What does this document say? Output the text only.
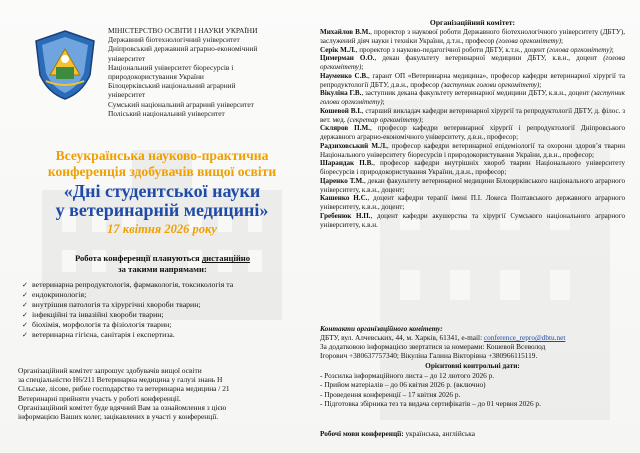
МІНІСТЕРСТВО ОСВІТИ І НАУКИ УКРАЇНИ
Державний біотехнологічний університет
Дніпровський державний аграрно-економічний
університет
Національний університет біоресурсів і
природокористування України
Білоцерківський національний аграрний
університет
Сумський національний аграрний університет
Поліський національний університет
Всеукраїнська науково-практична
конференція здобувачів вищої освіти
«Дні студентської науки
у ветеринарній медицині»
17 квітня 2026 року
Робота конференції плануються дистанційно
за такими напрямами:
✓ ветеринарна репродуктологія, фармакологія, токсикологія та
✓ ендокринологія;
✓ внутрішня патологія та хірургічні хвороби тварин;
✓ інфекційні та інвазійні хвороби тварин;
✓ біохімія, морфологія та фізіологія тварин;
✓ ветеринарна гігієна, санітарія і експертиза.
Організаційний комітет запрошує здобувачів вищої освіти
за спеціальністю Н6/211 Ветеринарна медицина у галузі знань Н
Сільське, лісове, рибне господарство та ветеринарна медицина / 21
Ветеринарні прийняти участь у роботі конференції.
Організаційний комітет буде вдячний Вам за ознайомлення з цією
інформацією Ваших колег, зацікавлених в участі у конференції.
Організаційний комітет:
Михайлов В.М., проректор з наукової роботи Державного біотехнологічного університету (ДБТУ), заслужений діяч науки і техніки України, д.т.н., професор (голова оргкомітету);
Серік М.Л., проректор з науково-педагогічної роботи ДБТУ, к.т.н., доцент (голова оргкомітету);
Цимерман О.О., декан факультету ветеринарної медицини ДБТУ, к.в.н., доцент (голова оргкомітету);
Науменко С.В., гарант ОП «Ветеринарна медицина», професор кафедри ветеринарної хірургії та репродуктології ДБТУ, д.в.н., професор (заступник голови оргкомітету);
Вікуліна Г.В., заступник декана факультету ветеринарної медицини ДБТУ, к.в.н., доцент (заступник голови оргкомітету);
Кошевой В.І., старший викладач кафедри ветеринарної хірургії та репродуктології ДБТУ, д. філос. з вет. мед. (секретар оргкомітету);
Скляров П.М., професор кафедри ветеринарної хірургії і репродуктології Дніпровського державного аграрно-економічного університету, д.в.н., професор;
Радзиховський М.Л., професор кафедри ветеринарної епідеміології та охорони здоров’я тварин Національного університету біоресурсів і природокористування України, д.в.н., професор;
Шарандак П.В., професор кафедри внутрішніх хвороб тварин Національного університету біоресурсів і природокористування України, д.в.н., професор;
Царенко Т.М., декан факультету ветеринарної медицини Білоцерківського національного аграрного університету, к.в.н., доцент;
Кашенко Н.С., доцент кафедри терапії імені П.І. Локеса Полтавського державного аграрного університету, к.в.н., доцент;
Гребенюк Н.П., доцент кафедри акушерства та хірургії Сумського національного аграрного університету, к.в.н.
Контакти організаційного комітету:
ДБТУ, вул. Алчевських, 44, м. Харків, 61341, e-mail: conference_repro@dbtu.net
За додатковою інформацією звертатися за номерами: Кошевой Всеволод
Ігорович +380637757340; Вікуліна Галина Вікторівна +380966115119.
Орієнтовні контрольні дати:
- Розсилка інформаційного листа – до 12 лютого 2026 р.
- Прийом матеріалів – до 06 квітня 2026 р. (включно)
- Проведення конференції – 17 квітня 2026 р.
- Підготовка збірника тез та видача сертифікатів – до 01 червня 2026 р.
Робочі мови конференції: українська, англійська
